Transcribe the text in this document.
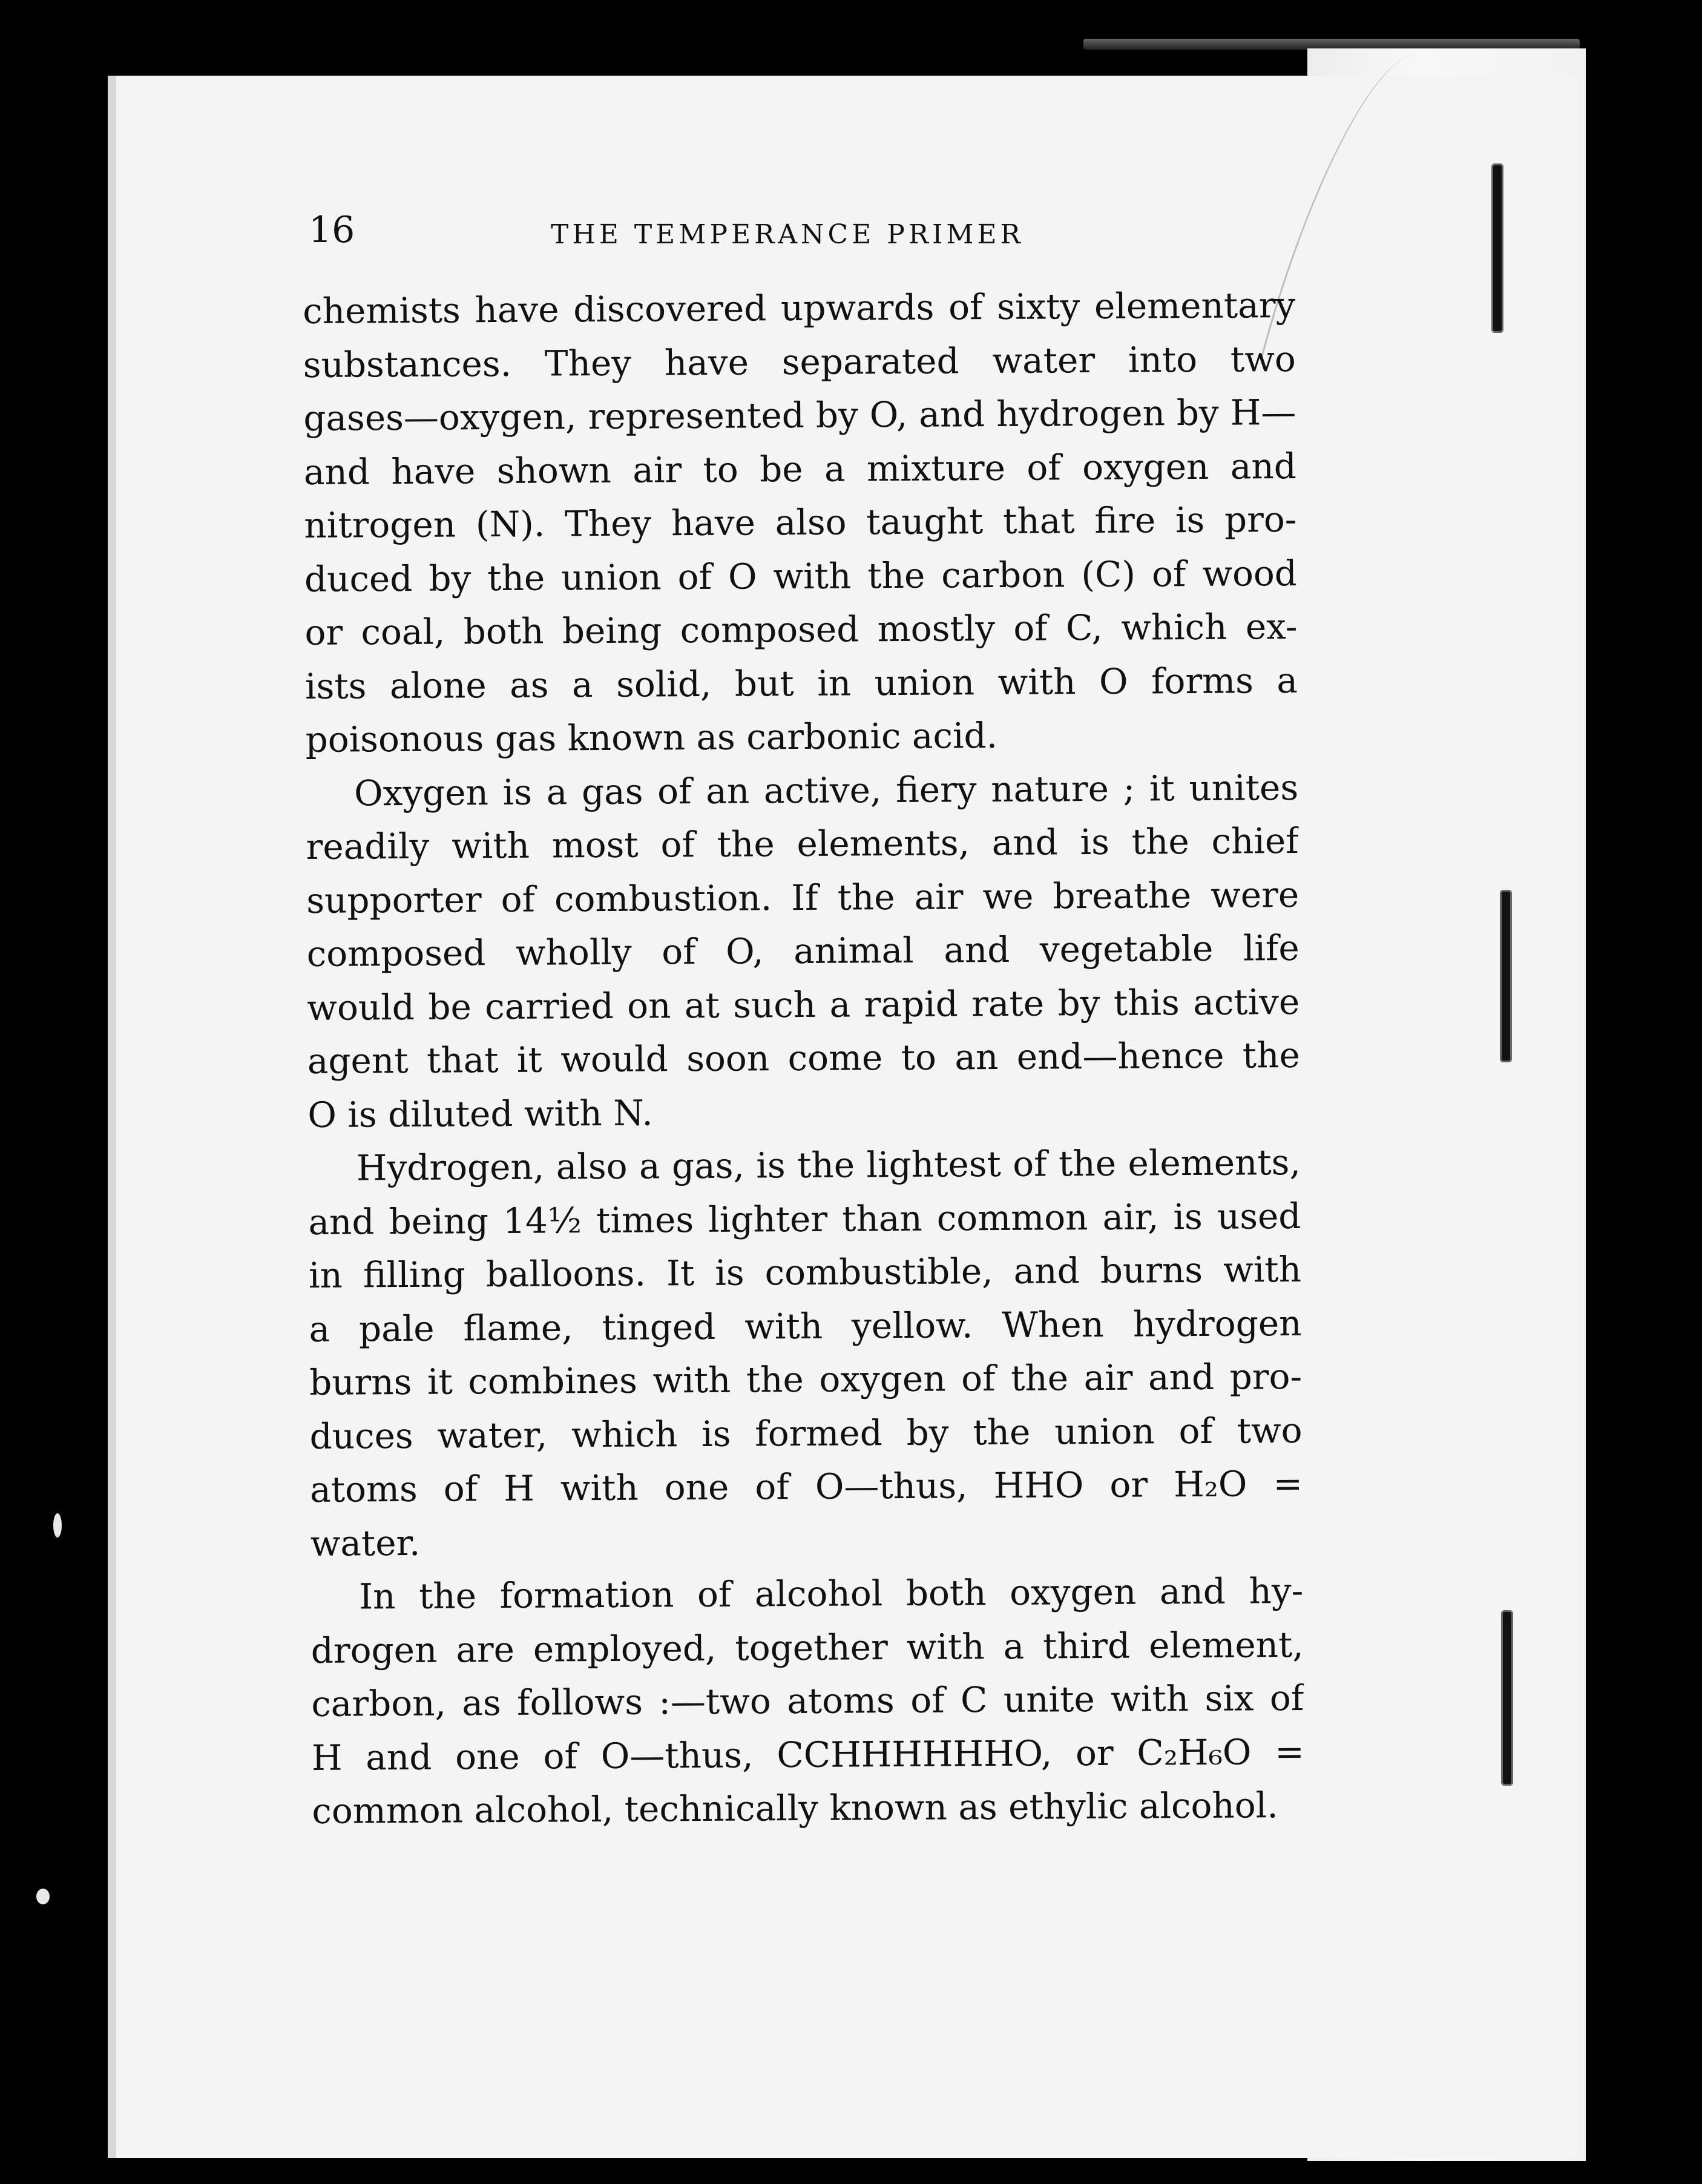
16	THE TEMPERANCE PRIMER
chemists have discovered upwards of sixty elementary
substances. They have separated water into two
gases—oxygen, represented by O, and hydrogen by H—
and have shown air to be a mixture of oxygen and
nitrogen (N). They have also taught that fire is pro-
duced by the union of O with the carbon (C) of wood
or coal, both being composed mostly of C, which ex-
ists alone as a solid, but in union with O forms a
poisonous gas known as carbonic acid.
Oxygen is a gas of an active, fiery nature ; it unites
readily with most of the elements, and is the chief
supporter of combustion. If the air we breathe were
composed wholly of O, animal and vegetable life
would be carried on at such a rapid rate by this active
agent that it would soon come to an end—hence the
O is diluted with N.
Hydrogen, also a gas, is the lightest of the elements,
and being 14½ times lighter than common air, is used
in filling balloons. It is combustible, and burns with
a pale flame, tinged with yellow. When hydrogen
burns it combines with the oxygen of the air and pro-
duces water, which is formed by the union of two
atoms of H with one of O—thus, HHO or H₂O =
water.
In the formation of alcohol both oxygen and hy-
drogen are employed, together with a third element,
carbon, as follows :—two atoms of C unite with six of
H and one of O—thus, CCHHHHHHO, or C₂H₆O =
common alcohol, technically known as ethylic alcohol.
